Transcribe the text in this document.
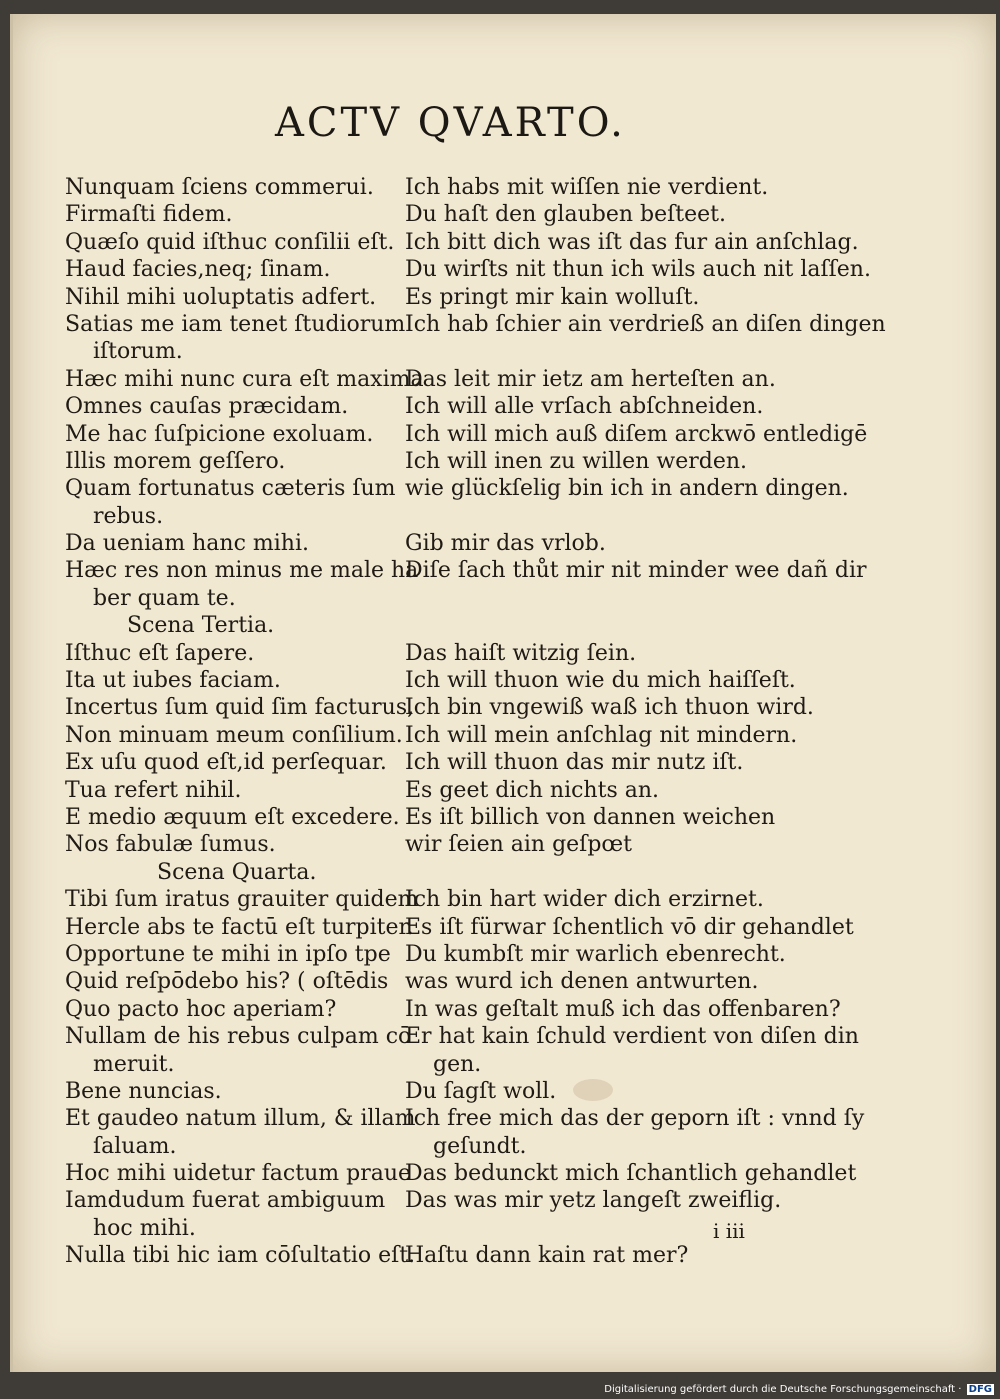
ACTV QVARTO.
Nunquam ſciens commerui.
Firmaſti fidem.
Quæſo quid iſthuc conſilii eſt.
Haud facies,neq; ſinam.
Nihil mihi uoluptatis adfert.
Satias me iam tenet ſtudiorum
iſtorum.
Hæc mihi nunc cura eſt maxima
Omnes cauſas præcidam.
Me hac ſuſpicione exoluam.
Illis morem geſſero.
Quam fortunatus cæteris ſum
rebus.
Da ueniam hanc mihi.
Hæc res non minus me male ha
ber quam te.
Scena Tertia.
Iſthuc eſt ſapere.
Ita ut iubes faciam.
Incertus ſum quid ſim facturus,
Non minuam meum conſilium.
Ex uſu quod eſt,id perſequar.
Tua refert nihil.
E medio æquum eſt excedere.
Nos fabulæ ſumus.
Scena Quarta.
Tibi ſum iratus grauiter quidem
Hercle abs te factū eſt turpiter.
Opportune te mihi in ipſo tpe
Quid reſpōdebo his? ( oſtēdis
Quo pacto hoc aperiam?
Nullam de his rebus culpam cō
meruit.
Bene nuncias.
Et gaudeo natum illum, & illam
ſaluam.
Hoc mihi uidetur factum praue
Iamdudum fuerat ambiguum
hoc mihi.
Nulla tibi hic iam cōſultatio eſt.
Ich habs mit wiſſen nie verdient.
Du haſt den glauben beſteet.
Ich bitt dich was iſt das fur ain anſchlag.
Du wirſts nit thun ich wils auch nit laſſen.
Es pringt mir kain wolluſt.
Ich hab ſchier ain verdrieß an diſen dingen
Das leit mir ietz am herteſten an.
Ich will alle vrſach abſchneiden.
Ich will mich auß diſem arckwō entledigē
Ich will inen zu willen werden.
wie glückſelig bin ich in andern dingen.
Gib mir das vrlob.
Diſe ſach thůt mir nit minder wee dañ dir
Das haiſt witzig ſein.
Ich will thuon wie du mich haiſſeſt.
Ich bin vngewiß waß ich thuon wird.
Ich will mein anſchlag nit mindern.
Ich will thuon das mir nutz iſt.
Es geet dich nichts an.
Es iſt billich von dannen weichen
wir ſeien ain geſpœt
Ich bin hart wider dich erzirnet.
Es iſt fürwar ſchentlich vō dir gehandlet
Du kumbſt mir warlich ebenrecht.
was wurd ich denen antwurten.
In was geſtalt muß ich das offenbaren?
Er hat kain ſchuld verdient von diſen din
gen.
Du ſagſt woll.
Ich free mich das der geporn iſt : vnnd ſy
geſundt.
Das bedunckt mich ſchantlich gehandlet
Das was mir yetz langeſt zweiflig.
Haſtu dann kain rat mer?
i iii
Digitalisierung gefördert durch die Deutsche Forschungsgemeinschaft · DFG
